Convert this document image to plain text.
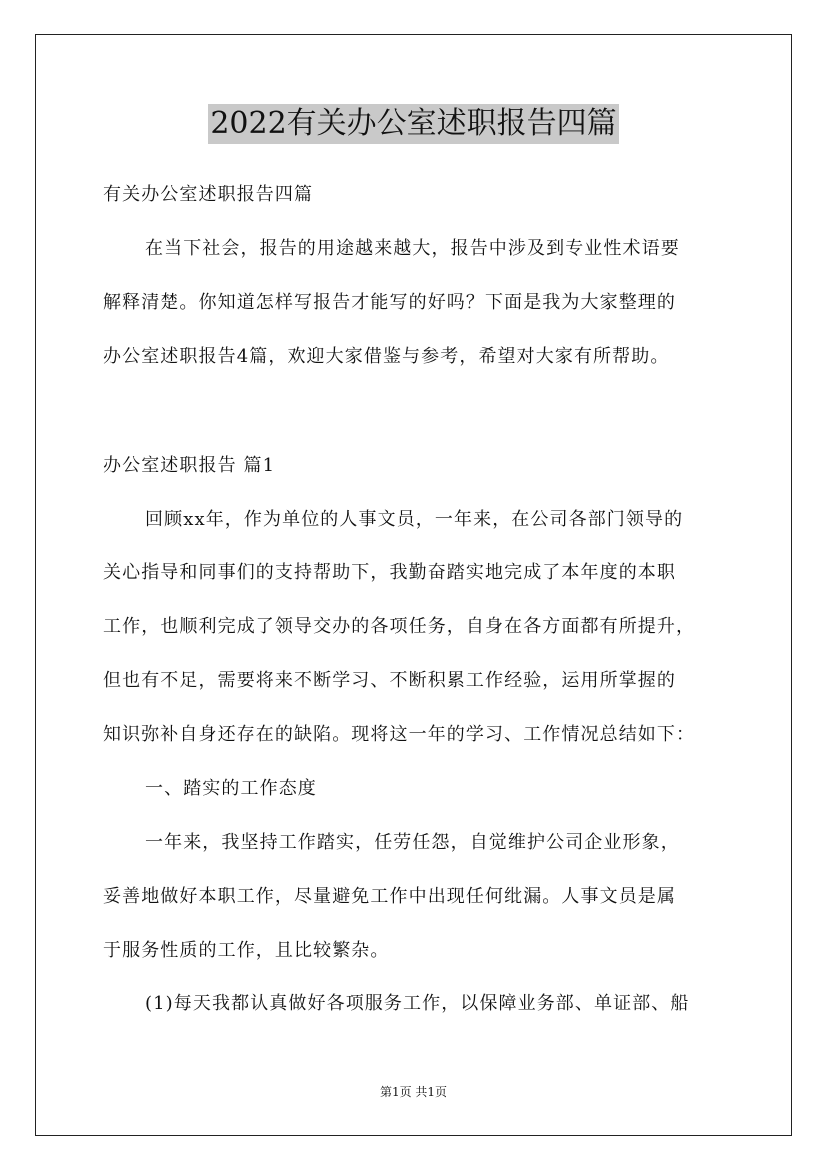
2022有关办公室述职报告四篇
有关办公室述职报告四篇
在当下社会，报告的用途越来越大，报告中涉及到专业性术语要
解释清楚。你知道怎样写报告才能写的好吗？下面是我为大家整理的
办公室述职报告4篇，欢迎大家借鉴与参考，希望对大家有所帮助。
办公室述职报告 篇1
回顾xx年，作为单位的人事文员，一年来，在公司各部门领导的
关心指导和同事们的支持帮助下，我勤奋踏实地完成了本年度的本职
工作，也顺利完成了领导交办的各项任务，自身在各方面都有所提升，
但也有不足，需要将来不断学习、不断积累工作经验，运用所掌握的
知识弥补自身还存在的缺陷。现将这一年的学习、工作情况总结如下：
一、踏实的工作态度
一年来，我坚持工作踏实，任劳任怨，自觉维护公司企业形象，
妥善地做好本职工作，尽量避免工作中出现任何纰漏。人事文员是属
于服务性质的工作，且比较繁杂。
(1)每天我都认真做好各项服务工作，以保障业务部、单证部、船
第1页 共1页
